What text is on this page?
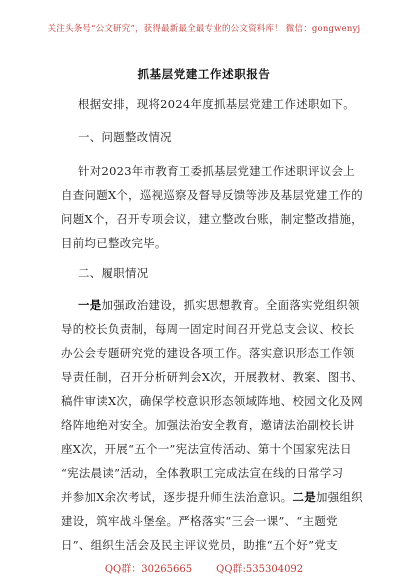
关注头条号“公文研究”，获得最新最全最专业的公文资料库！ 微信：gongwenyj
抓基层党建工作述职报告
根据安排，现将2024年度抓基层党建工作述职如下。
一、问题整改情况
针对2023年市教育工委抓基层党建工作述职评议会上
自查问题X个，巡视巡察及督导反馈等涉及基层党建工作的
问题X个，召开专项会议，建立整改台账，制定整改措施，
目前均已整改完毕。
二、履职情况
一是加强政治建设，抓实思想教育。全面落实党组织领
导的校长负责制，每周一固定时间召开党总支会议、校长
办公会专题研究党的建设各项工作。落实意识形态工作领
导责任制，召开分析研判会X次，开展教材、教案、图书、
稿件审读X次，确保学校意识形态领域阵地、校园文化及网
络阵地绝对安全。加强法治安全教育，邀请法治副校长讲
座X次，开展“五个一”宪法宣传活动、第十个国家宪法日
“宪法晨读”活动，全体教职工完成法宣在线的日常学习
并参加X余次考试，逐步提升师生法治意识。二是加强组织
建设，筑牢战斗堡垒。严格落实“三会一课”、“主题党
日”、组织生活会及民主评议党员，助推“五个好”党支
QQ群：30265665 QQ群:535304092
